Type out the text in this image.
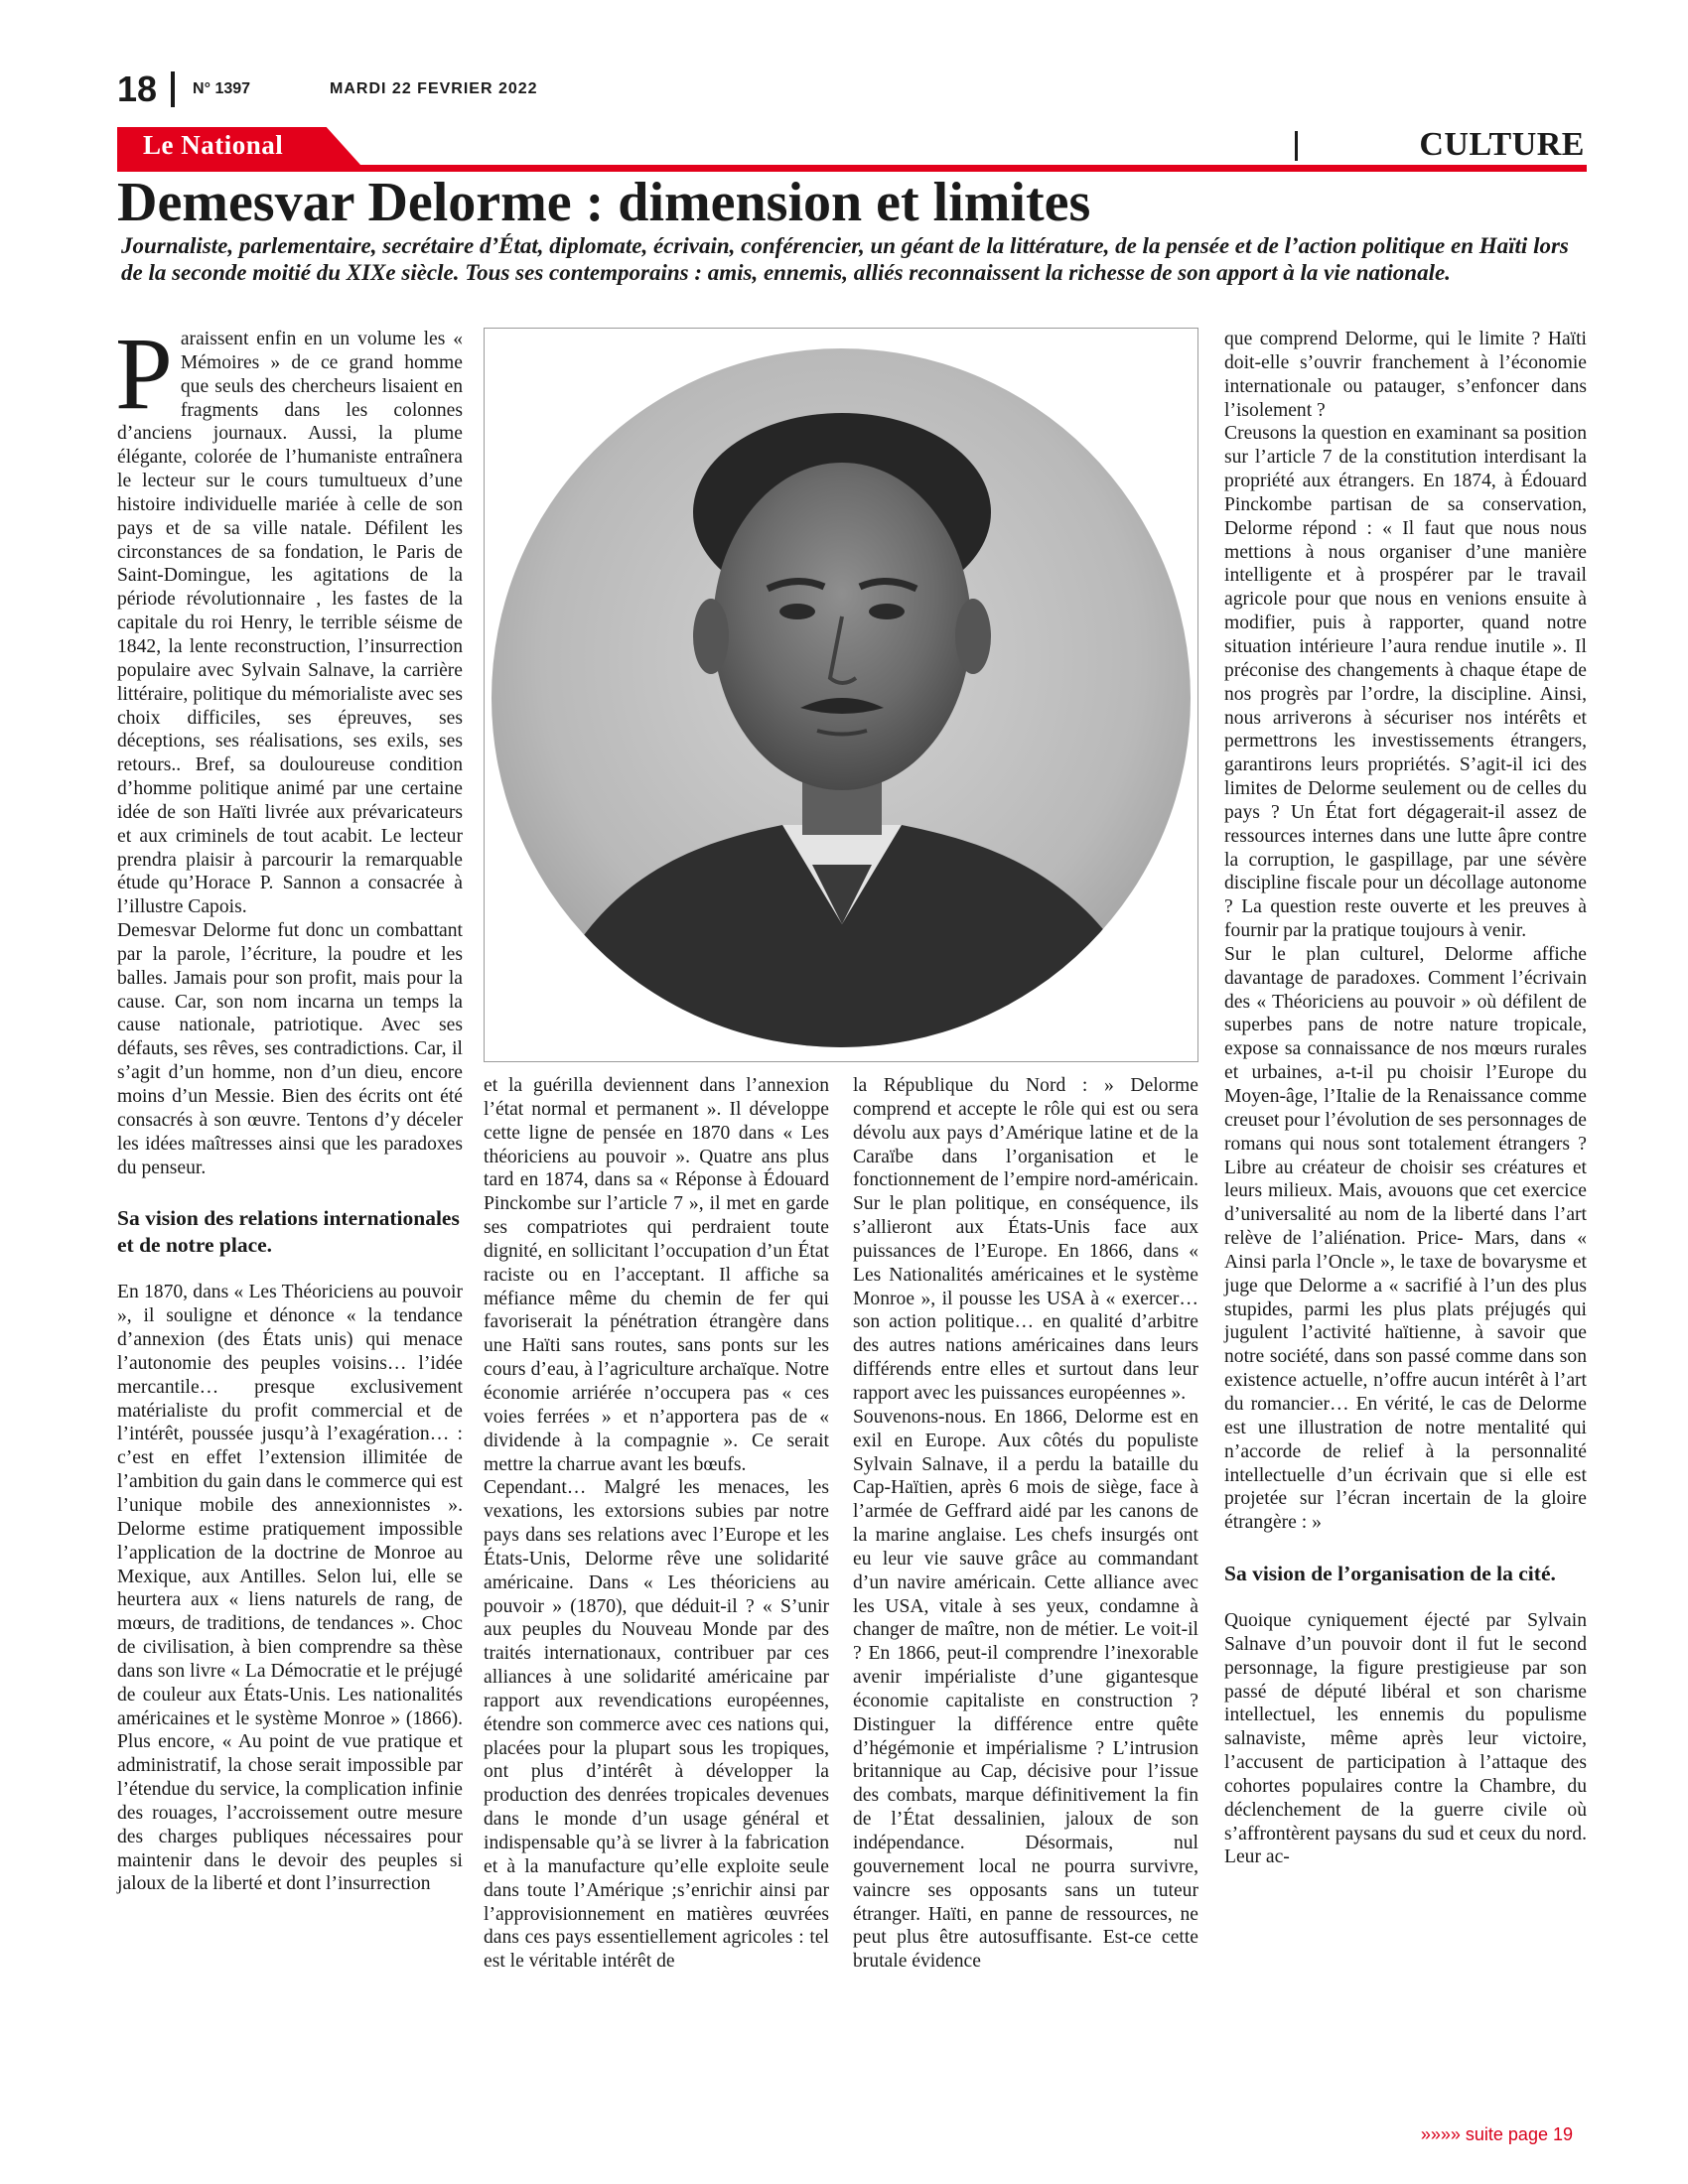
18 N° 1397	MARDI 22 FEVRIER 2022
Le National	CULTURE
Demesvar Delorme : dimension et limites

Journaliste, parlementaire, secrétaire d’État, diplomate, écrivain, conférencier, un géant de la littérature, de la pensée et de l’action politique en Haïti lors de la seconde moitié du XIXe siècle. Tous ses contemporains : amis, ennemis, alliés reconnaissent la richesse de son apport à la vie nationale.

Paraissent enfin en un volume les « Mémoires » de ce grand homme que seuls des chercheurs lisaient en fragments dans les colonnes d’anciens journaux. Aussi, la plume élégante, colorée de l’humaniste entraînera le lecteur sur le cours tumultueux d’une histoire individuelle mariée à celle de son pays et de sa ville natale. Défilent les circonstances de sa fondation, le Paris de Saint-Domingue, les agitations de la période révolutionnaire , les fastes de la capitale du roi Henry, le terrible séisme de 1842, la lente reconstruction, l’insurrection populaire avec Sylvain Salnave, la carrière littéraire, politique du mémorialiste avec ses choix difficiles, ses épreuves, ses déceptions, ses réalisations, ses exils, ses retours.. Bref, sa douloureuse condition d’homme politique animé par une certaine idée de son Haïti livrée aux prévaricateurs et aux criminels de tout acabit. Le lecteur prendra plaisir à parcourir la remarquable étude qu’Horace P. Sannon a consacrée à l’illustre Capois.

Demesvar Delorme fut donc un combattant par la parole, l’écriture, la poudre et les balles. Jamais pour son profit, mais pour la cause. Car, son nom incarna un temps la cause nationale, patriotique. Avec ses défauts, ses rêves, ses contradictions. Car, il s’agit d’un homme, non d’un dieu, encore moins d’un Messie. Bien des écrits ont été consacrés à son œuvre. Tentons d’y déceler les idées maîtresses ainsi que les paradoxes du penseur.

Sa vision des relations internationales et de notre place.

En 1870, dans « Les Théoriciens au pouvoir », il souligne et dénonce « la tendance d’annexion (des États unis) qui menace l’autonomie des peuples voisins… l’idée mercantile… presque exclusivement matérialiste du profit commercial et de l’intérêt, poussée jusqu’à l’exagération… : c’est en effet l’extension illimitée de l’ambition du gain dans le commerce qui est l’unique mobile des annexionnistes ». Delorme estime pratiquement impossible l’application de la doctrine de Monroe au Mexique, aux Antilles. Selon lui, elle se heurtera aux « liens naturels de rang, de mœurs, de traditions, de tendances ». Choc de civilisation, à bien comprendre sa thèse dans son livre « La Démocratie et le préjugé de couleur aux États-Unis. Les nationalités américaines et le système Monroe » (1866). Plus encore, « Au point de vue pratique et administratif, la chose serait impossible par l’étendue du service, la complication infinie des rouages, l’accroissement outre mesure des charges publiques nécessaires pour maintenir dans le devoir des peuples si jaloux de la liberté et dont l’insurrection

et la guérilla deviennent dans l’annexion l’état normal et permanent ». Il développe cette ligne de pensée en 1870 dans « Les théoriciens au pouvoir ». Quatre ans plus tard en 1874, dans sa « Réponse à Édouard Pinckombe sur l’article 7 », il met en garde ses compatriotes qui perdraient toute dignité, en sollicitant l’occupation d’un État raciste ou en l’acceptant. Il affiche sa méfiance même du chemin de fer qui favoriserait la pénétration étrangère dans une Haïti sans routes, sans ponts sur les cours d’eau, à l’agriculture archaïque. Notre économie arriérée n’occupera pas « ces voies ferrées » et n’apportera pas de « dividende à la compagnie ». Ce serait mettre la charrue avant les bœufs.

Cependant… Malgré les menaces, les vexations, les extorsions subies par notre pays dans ses relations avec l’Europe et les États-Unis, Delorme rêve une solidarité américaine. Dans « Les théoriciens au pouvoir » (1870), que déduit-il ? « S’unir aux peuples du Nouveau Monde par des traités internationaux, contribuer par ces alliances à une solidarité américaine par rapport aux revendications européennes, étendre son commerce avec ces nations qui, placées pour la plupart sous les tropiques, ont plus d’intérêt à développer la production des denrées tropicales devenues dans le monde d’un usage général et indispensable qu’à se livrer à la fabrication et à la manufacture qu’elle exploite seule dans toute l’Amérique ;s’enrichir ainsi par l’approvisionnement en matières œuvrées dans ces pays essentiellement agricoles : tel est le véritable intérêt de

la République du Nord : » Delorme comprend et accepte le rôle qui est ou sera dévolu aux pays d’Amérique latine et de la Caraïbe dans l’organisation et le fonctionnement de l’empire nord-américain. Sur le plan politique, en conséquence, ils s’allieront aux États-Unis face aux puissances de l’Europe. En 1866, dans « Les Nationalités américaines et le système Monroe », il pousse les USA à « exercer… son action politique… en qualité d’arbitre des autres nations américaines dans leurs différends entre elles et surtout dans leur rapport avec les puissances européennes ».

Souvenons-nous. En 1866, Delorme est en exil en Europe. Aux côtés du populiste Sylvain Salnave, il a perdu la bataille du Cap-Haïtien, après 6 mois de siège, face à l’armée de Geffrard aidé par les canons de la marine anglaise. Les chefs insurgés ont eu leur vie sauve grâce au commandant d’un navire américain. Cette alliance avec les USA, vitale à ses yeux, condamne à changer de maître, non de métier. Le voit-il ? En 1866, peut-il comprendre l’inexorable avenir impérialiste d’une gigantesque économie capitaliste en construction ? Distinguer la différence entre quête d’hégémonie et impérialisme ? L’intrusion britannique au Cap, décisive pour l’issue des combats, marque définitivement la fin de l’État dessalinien, jaloux de son indépendance. Désormais, nul gouvernement local ne pourra survivre, vaincre ses opposants sans un tuteur étranger. Haïti, en panne de ressources, ne peut plus être autosuffisante. Est-ce cette brutale évidence

que comprend Delorme, qui le limite ? Haïti doit-elle s’ouvrir franchement à l’économie internationale ou patauger, s’enfoncer dans l’isolement ?

Creusons la question en examinant sa position sur l’article 7 de la constitution interdisant la propriété aux étrangers. En 1874, à Édouard Pinckombe partisan de sa conservation, Delorme répond : « Il faut que nous nous mettions à nous organiser d’une manière intelligente et à prospérer par le travail agricole pour que nous en venions ensuite à modifier, puis à rapporter, quand notre situation intérieure l’aura rendue inutile ». Il préconise des changements à chaque étape de nos progrès par l’ordre, la discipline. Ainsi, nous arriverons à sécuriser nos intérêts et permettrons les investissements étrangers, garantirons leurs propriétés. S’agit-il ici des limites de Delorme seulement ou de celles du pays ? Un État fort dégagerait-il assez de ressources internes dans une lutte âpre contre la corruption, le gaspillage, par une sévère discipline fiscale pour un décollage autonome ? La question reste ouverte et les preuves à fournir par la pratique toujours à venir.

Sur le plan culturel, Delorme affiche davantage de paradoxes. Comment l’écrivain des « Théoriciens au pouvoir » où défilent de superbes pans de notre nature tropicale, expose sa connaissance de nos mœurs rurales et urbaines, a-t-il pu choisir l’Europe du Moyen-âge, l’Italie de la Renaissance comme creuset pour l’évolution de ses personnages de romans qui nous sont totalement étrangers ? Libre au créateur de choisir ses créatures et leurs milieux. Mais, avouons que cet exercice d’universalité au nom de la liberté dans l’art relève de l’aliénation. Price- Mars, dans « Ainsi parla l’Oncle », le taxe de bovarysme et juge que Delorme a « sacrifié à l’un des plus stupides, parmi les plus plats préjugés qui jugulent l’activité haïtienne, à savoir que notre société, dans son passé comme dans son existence actuelle, n’offre aucun intérêt à l’art du romancier… En vérité, le cas de Delorme est une illustration de notre mentalité qui n’accorde de relief à la personnalité intellectuelle d’un écrivain que si elle est projetée sur l’écran incertain de la gloire étrangère : »

Sa vision de l’organisation de la cité.

Quoique cyniquement éjecté par Sylvain Salnave d’un pouvoir dont il fut le second personnage, la figure prestigieuse par son passé de député libéral et son charisme intellectuel, les ennemis du populisme salnaviste, même après leur victoire, l’accusent de participation à l’attaque des cohortes populaires contre la Chambre, du déclenchement de la guerre civile où s’affrontèrent paysans du sud et ceux du nord. Leur ac-

»»»» suite page 19
